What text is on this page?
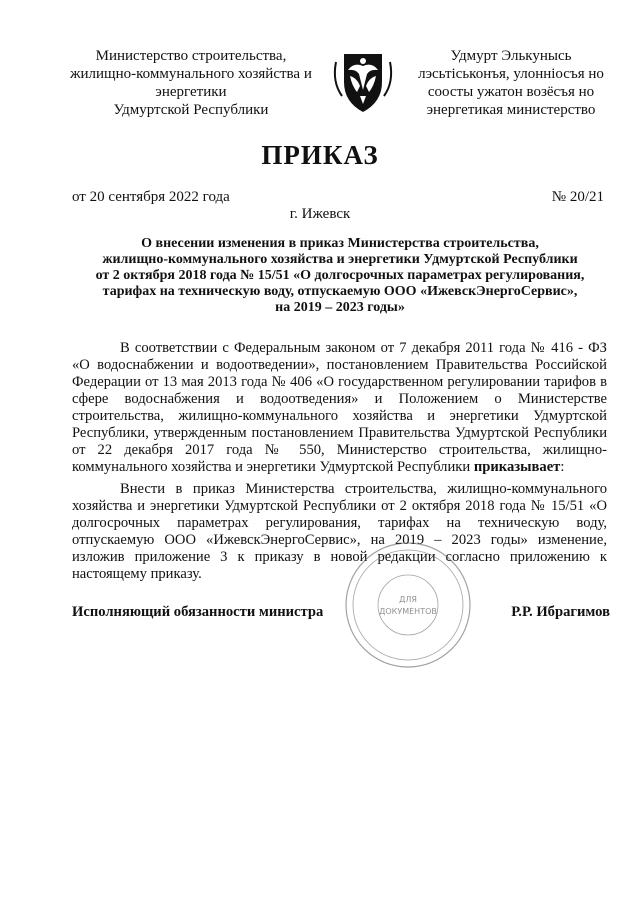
Министерство строительства,
жилищно-коммунального хозяйства и
энергетики
Удмуртской Республики
Удмурт Элькунысь
лэсьтiськонъя, улоннiосъя но
соосты ужатон возёсъя но
энергетикая министерство
ПРИКАЗ
от 20 сентября 2022 года	№ 20/21
г. Ижевск
О внесении изменения в приказ Министерства строительства,
жилищно-коммунального хозяйства и энергетики Удмуртской Республики
от 2 октября 2018 года № 15/51 «О долгосрочных параметрах регулирования,
тарифах на техническую воду, отпускаемую ООО «ИжевскЭнергоСервис»,
на 2019 – 2023 годы»
В соответствии с Федеральным законом от 7 декабря 2011 года № 416 - ФЗ «О водоснабжении и водоотведении», постановлением Правительства Российской Федерации от 13 мая 2013 года № 406 «О государственном регулировании тарифов в сфере водоснабжения и водоотведения» и Положением о Министерстве строительства, жилищно-коммунального хозяйства и энергетики Удмуртской Республики, утвержденным постановлением Правительства Удмуртской Республики от 22 декабря 2017 года № 550, Министерство строительства, жилищно-коммунального хозяйства и энергетики Удмуртской Республики приказывает:
Внести в приказ Министерства строительства, жилищно-коммунального хозяйства и энергетики Удмуртской Республики от 2 октября 2018 года № 15/51 «О долгосрочных параметрах регулирования, тарифах на техническую воду, отпускаемую ООО «ИжевскЭнергоСервис», на 2019 – 2023 годы» изменение, изложив приложение 3 к приказу в новой редакции согласно приложению к настоящему приказу.
ДЛЯ
ДОКУМЕНТОВ
Исполняющий обязанности министра	Р.Р. Ибрагимов
